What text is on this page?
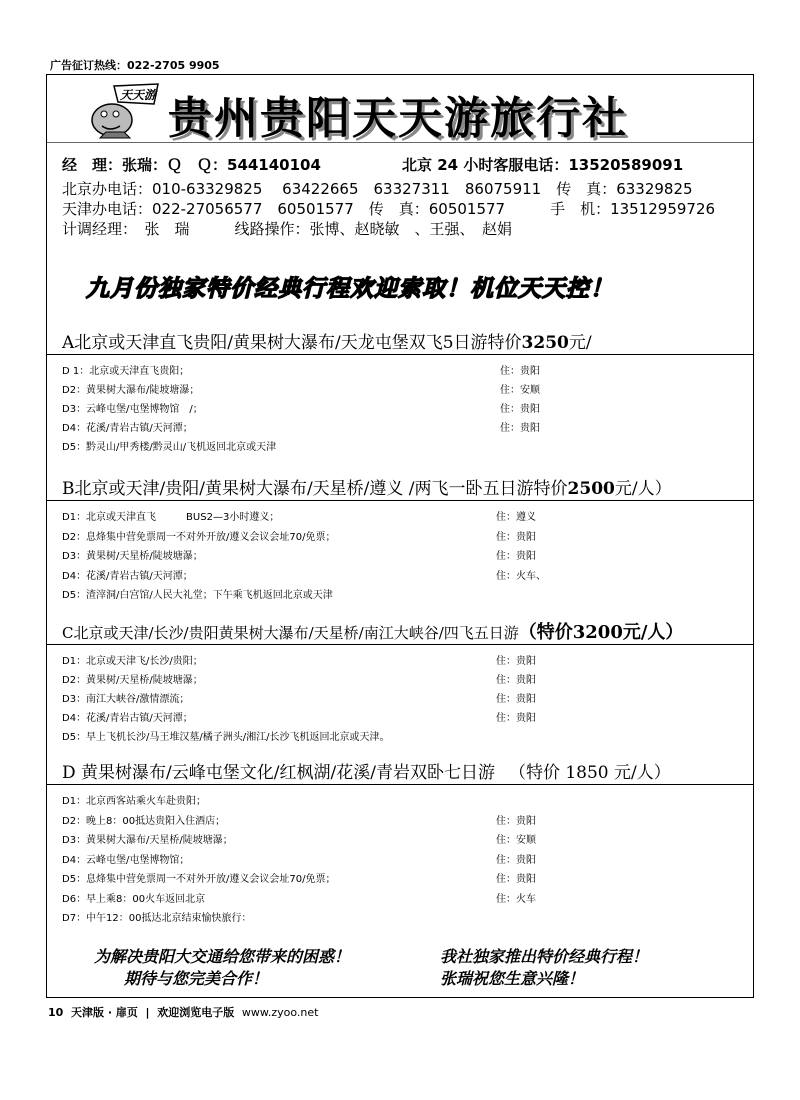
广告征订热线：022-2705 9905
天天游 贵州贵阳天天游旅行社
经　理：张瑞：Ｑ　Ｑ：544140104	北京 24 小时客服电话：13520589091
北京办电话：010-63329825　 63422665　63327311　86075911　传　真：63329825
天津办电话：022-27056577　60501577　传　真：60501577　　　手　机：13512959726
计调经理：　张　瑞　　　线路操作：张博、赵晓敏　、王强、　赵娟
九月份独家特价经典行程欢迎索取！机位天天控！
A北京或天津直飞贵阳/黄果树大瀑布/天龙屯堡双飞5日游特价3250元/
B北京或天津/贵阳/黄果树大瀑布/天星桥/遵义 /两飞一卧五日游特价2500元/人）
C北京或天津/长沙/贵阳黄果树大瀑布/天星桥/南江大峡谷/四飞五日游（特价3200元/人）
D 黄果树瀑布/云峰屯堡文化/红枫湖/花溪/青岩双卧七日游 （特价 1850 元/人）
D 1：北京或天津直飞贵阳；	住：贵阳
D2：黄果树大瀑布/陡坡塘瀑；	住：安顺
D3：云峰屯堡/屯堡博物馆　/；	住：贵阳
D4：花溪/青岩古镇/天河潭；	住：贵阳
D5：黔灵山/甲秀楼/黔灵山/飞机返回北京或天津
D1：北京或天津直飞　　　BUS2—3小时遵义；	住：遵义
D2：息烽集中营免票周一不对外开放/遵义会议会址70/免票；	住：贵阳
D3：黄果树/天星桥/陡坡塘瀑；	住：贵阳
D4：花溪/青岩古镇/天河潭；	住：火车、
D5：渣滓洞/白宫馆/人民大礼堂；下午乘飞机返回北京或天津
D1：北京或天津飞/长沙/贵阳；	住：贵阳
D2：黄果树/天星桥/陡坡塘瀑；	住：贵阳
D3：南江大峡谷/激情漂流；	住：贵阳
D4：花溪/青岩古镇/天河潭；	住：贵阳
D5：早上飞机长沙/马王堆汉墓/橘子洲头/湘江/长沙飞机返回北京或天津。
D1：北京西客站乘火车赴贵阳；
D2：晚上8：00抵达贵阳入住酒店；	住：贵阳
D3：黄果树大瀑布/天星桥/陡坡塘瀑；	住：安顺
D4：云峰屯堡/屯堡博物馆；	住：贵阳
D5：息烽集中营免票周一不对外开放/遵义会议会址70/免票；	住：贵阳
D6：早上乘8：00火车返回北京	住：火车
D7：中午12：00抵达北京结束愉快旅行：
为解决贵阳大交通给您带来的困惑！	我社独家推出特价经典行程！
期待与您完美合作！	张瑞祝您生意兴隆！
10 天津版 · 扉页 | 欢迎浏览电子版 www.zyoo.net
